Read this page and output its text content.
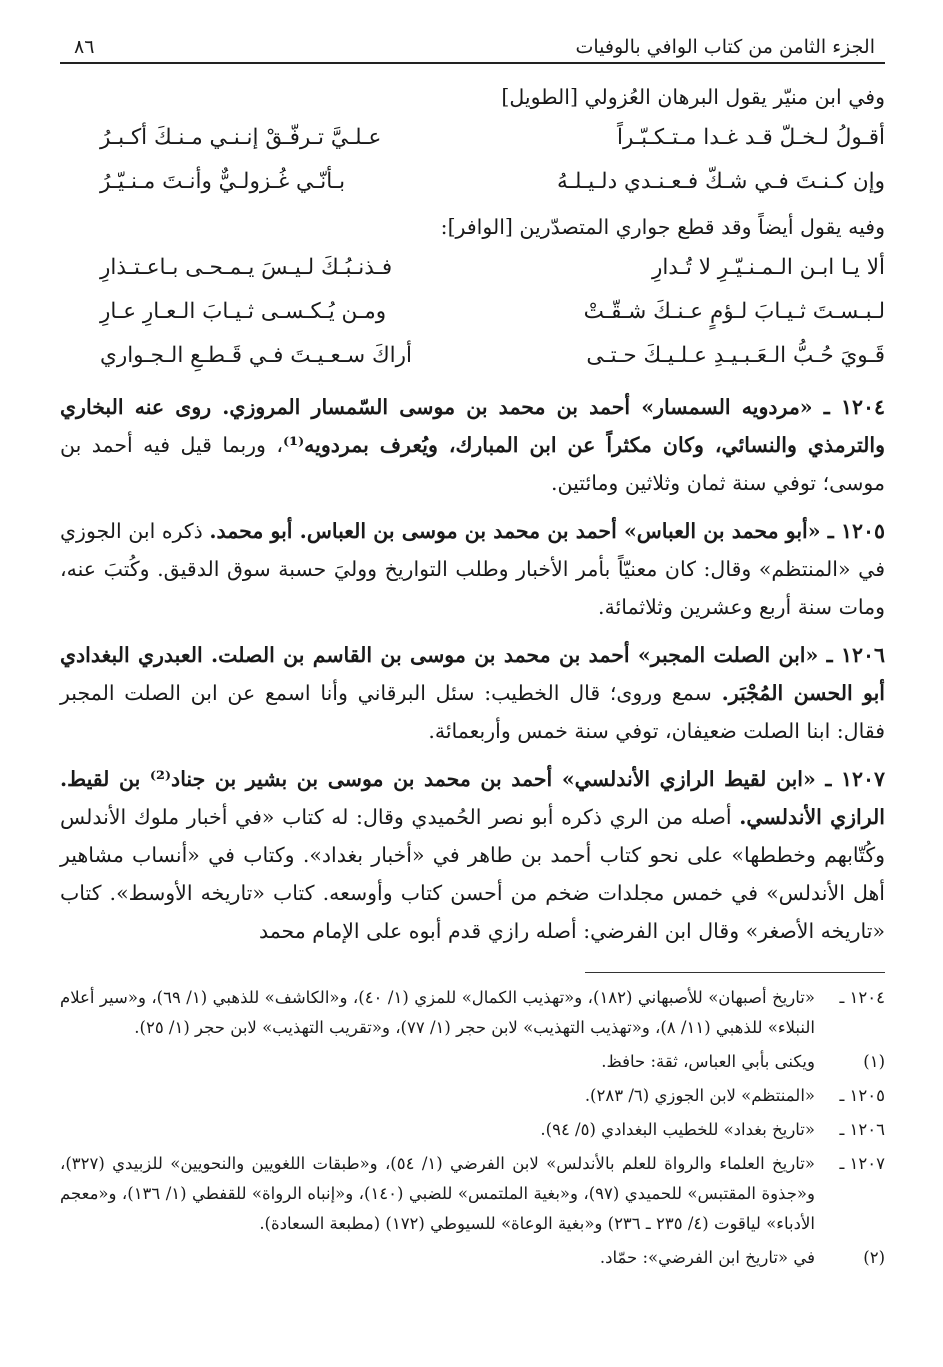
الجزء الثامن من كتاب الوافي بالوفيات
٨٦

وفي ابن منيّر يقول البرهان العُزولي [الطويل]

أقـولُ لـخـلّ قـد غـدا مـتـكـبّـراً
عـلـيَّ تـرفّـقْ إنـنـي مـنـكَ أكـبـرُ
وإن كـنـتَ فـي شـكّ فـعـنـدي دلـيـلـهُ
بـأنّـي غُـزولـيٌّ وأنـتَ مـنـيّـرُ

وفيه يقول أيضاً وقد قطع جواري المتصدّرين [الوافر]:

ألا يـا ابـن الـمـنـيّـرِ لا تُـدارِ
فـذنـبُـكَ لـيـسَ يـمـحـى بـاعـتـذارِ
لـبـسـتَ ثـيـابَ لـؤمٍ عـنـكَ شـقّـتْ
ومـن يُـكـسـى ثـيـابَ الـعـارِ عـارِ
قَـويَ حُـبُّ الـعَـبـيـدِ عـلـيـكَ حـتـى
أراكَ سـعـيـتَ فـي قَـطـعِ الـجـواري

١٢٠٤ ـ «مردويه السمسار» أحمد بن محمد بن موسى السّمسار المروزي. روى عنه البخاري والترمذي والنسائي، وكان مكثراً عن ابن المبارك، ويُعرف بمردويه⁽¹⁾، وربما قيل فيه أحمد بن موسى؛ توفي سنة ثمان وثلاثين ومائتين.

١٢٠٥ ـ «أبو محمد بن العباس» أحمد بن محمد بن موسى بن العباس. أبو محمد. ذكره ابن الجوزي في «المنتظم» وقال: كان معنيّاً بأمر الأخبار وطلب التواريخ ووليَ حسبة سوق الدقيق. وكُتبَ عنه، ومات سنة أربع وعشرين وثلاثمائة.

١٢٠٦ ـ «ابن الصلت المجبر» أحمد بن محمد بن موسى بن القاسم بن الصلت. العبدري البغدادي أبو الحسن المُجْبَر. سمع وروى؛ قال الخطيب: سئل البرقاني وأنا اسمع عن ابن الصلت المجبر فقال: ابنا الصلت ضعيفان، توفي سنة خمس وأربعمائة.

١٢٠٧ ـ «ابن لقيط الرازي الأندلسي» أحمد بن محمد بن موسى بن بشير بن جناد⁽²⁾ بن لقيط. الرازي الأندلسي. أصله من الري ذكره أبو نصر الحُميدي وقال: له كتاب «في أخبار ملوك الأندلس وكُتّابهم وخططها» على نحو كتاب أحمد بن طاهر في «أخبار بغداد». وكتاب في «أنساب مشاهير أهل الأندلس» في خمس مجلدات ضخم من أحسن كتاب وأوسعه. كتاب «تاريخه الأوسط». كتاب «تاريخه الأصغر» وقال ابن الفرضي: أصله رازي قدم أبوه على الإمام محمد

١٢٠٤ ـ
«تاريخ أصبهان» للأصبهاني (١٨٢)، و«تهذيب الكمال» للمزي (١/ ٤٠)، و«الكاشف» للذهبي (١/ ٦٩)، و«سير أعلام النبلاء» للذهبي (١١/ ٨)، و«تهذيب التهذيب» لابن حجر (١/ ٧٧)، و«تقريب التهذيب» لابن حجر (١/ ٢٥).
(١)
ويكنى بأبي العباس، ثقة: حافظ.
١٢٠٥ ـ
«المنتظم» لابن الجوزي (٦/ ٢٨٣).
١٢٠٦ ـ
«تاريخ بغداد» للخطيب البغدادي (٥/ ٩٤).
١٢٠٧ ـ
«تاريخ العلماء والرواة للعلم بالأندلس» لابن الفرضي (١/ ٥٤)، و«طبقات اللغويين والنحويين» للزبيدي (٣٢٧)، و«جذوة المقتبس» للحميدي (٩٧)، و«بغية الملتمس» للضبي (١٤٠)، و«إنباه الرواة» للقفطي (١/ ١٣٦)، و«معجم الأدباء» لياقوت (٤/ ٢٣٥ ـ ٢٣٦) و«بغية الوعاة» للسيوطي (١٧٢) (مطبعة السعادة).
(٢)
في «تاريخ ابن الفرضي»: حمّاد.
